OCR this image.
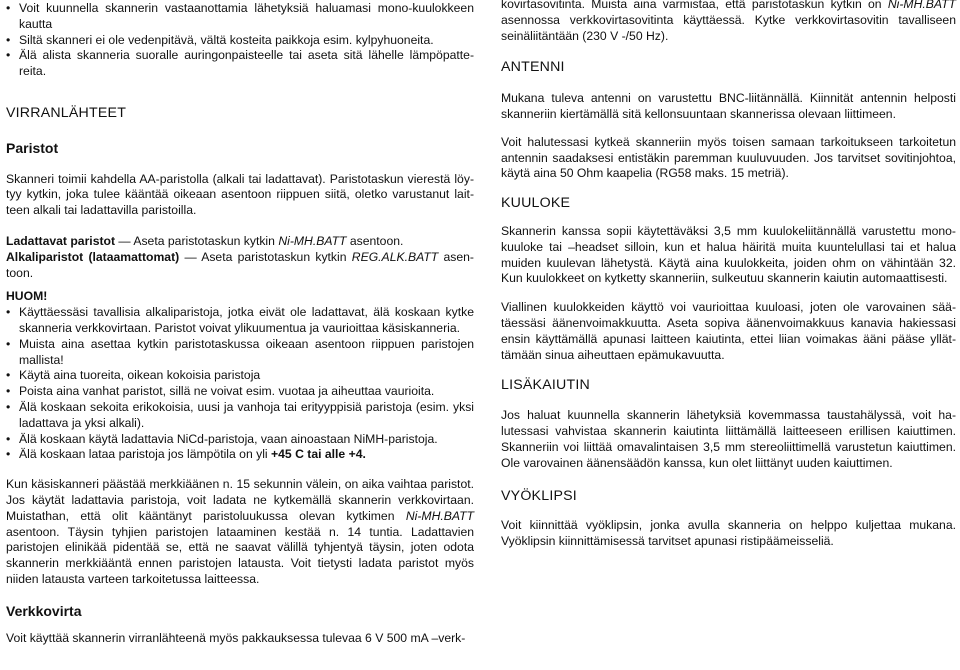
• Voit kuunnella skannerin vastaanottamia lähetyksiä haluamasi mono-kuulokkeen kautta
• Siltä skanneri ei ole vedenpitävä, vältä kosteita paikkoja esim. kylpyhuoneita.
• Älä alista skanneria suoralle auringonpaisteelle tai aseta sitä lähelle lämpöpattereita.
VIRRANLÄHTEET
Paristot

Skanneri toimii kahdella AA-paristolla (alkali tai ladattavat). Paristotaskun vierestä löytyy kytkin, joka tulee kääntää oikeaan asentoon riippuen siitä, oletko varustanut laitteen alkali tai ladattavilla paristoilla.

Ladattavat paristot — Aseta paristotaskun kytkin Ni-MH.BATT asentoon.

Alkaliparistot (lataamattomat) — Aseta paristotaskun kytkin REG.ALK.BATT asentoon.

HUOM!

• Käyttäessäsi tavallisia alkaliparistoja, jotka eivät ole ladattavat, älä koskaan kytke skanneria verkkovirtaan. Paristot voivat ylikuumentua ja vaurioittaa käsiskanneria.
• Muista aina asettaa kytkin paristotaskussa oikeaan asentoon riippuen paristojen mallista!
• Käytä aina tuoreita, oikean kokoisia paristoja
• Poista aina vanhat paristot, sillä ne voivat esim. vuotaa ja aiheuttaa vaurioita.
• Älä koskaan sekoita erikokoisia, uusi ja vanhoja tai erityyppisiä paristoja (esim. yksi ladattava ja yksi alkali).
• Älä koskaan käytä ladattavia NiCd-paristoja, vaan ainoastaan NiMH-paristoja.
• Älä koskaan lataa paristoja jos lämpötila on yli +45 C tai alle +4.

Kun käsiskanneri päästää merkkiäänen n. 15 sekunnin välein, on aika vaihtaa paristot. Jos käytät ladattavia paristoja, voit ladata ne kytkemällä skannerin verkkovirtaan. Muistathan, että olit kääntänyt paristoluukussa olevan kytkimen Ni-MH.BATT asentoon. Täysin tyhjien paristojen lataaminen kestää n. 14 tuntia. Ladattavien paristojen elinikää pidentää se, että ne saavat välillä tyhjentyä täysin, joten odota skannerin merkkiääntä ennen paristojen latausta. Voit tietysti ladata paristot myös niiden latausta varteen tarkoitetussa laitteessa.

Verkkovirta

Voit käyttää skannerin virranlähteenä myös pakkauksessa tulevaa 6 V 500 mA –verk-

kovirtasovitinta. Muista aina varmistaa, että paristotaskun kytkin on Ni-MH.BATT asennossa verkkovirtasovitinta käyttäessä. Kytke verkkovirtasovitin tavalliseen seinäliitäntään (230 V -/50 Hz).

ANTENNI

Mukana tuleva antenni on varustettu BNC-liitännällä. Kiinnität antennin helposti skanneriin kiertämällä sitä kellonsuuntaan skannerissa olevaan liittimeen.

Voit halutessasi kytkeä skanneriin myös toisen samaan tarkoitukseen tarkoitetun antennin saadaksesi entistäkin paremman kuuluvuuden. Jos tarvitset sovitinjohtoa, käytä aina 50 Ohm kaapelia (RG58 maks. 15 metriä).

KUULOKE

Skannerin kanssa sopii käytettäväksi 3,5 mm kuulokeliitännällä varustettu mono-kuuloke tai –headset silloin, kun et halua häiritä muita kuuntelullasi tai et halua muiden kuulevan lähetystä. Käytä aina kuulokkeita, joiden ohm on vähintään 32. Kun kuulokkeet on kytketty skanneriin, sulkeutuu skannerin kaiutin automaattisesti.

Viallinen kuulokkeiden käyttö voi vaurioittaa kuuloasi, joten ole varovainen säätäessäsi äänenvoimakkuutta. Aseta sopiva äänenvoimakkuus kanavia hakiessasi ensin käyttämällä apunasi laitteen kaiutinta, ettei liian voimakas ääni pääse yllättämään sinua aiheuttaen epämukavuutta.

LISÄKAIUTIN

Jos haluat kuunnella skannerin lähetyksiä kovemmassa taustahälyssä, voit halutessasi vahvistaa skannerin kaiutinta liittämällä laitteeseen erillisen kaiuttimen. Skanneriin voi liittää omavalintaisen 3,5 mm stereoliittimellä varustetun kaiuttimen. Ole varovainen äänensäädön kanssa, kun olet liittänyt uuden kaiuttimen.

VYÖKLIPSI

Voit kiinnittää vyöklipsin, jonka avulla skanneria on helppo kuljettaa mukana. Vyöklipsin kiinnittämisessä tarvitset apunasi ristipäämeisseliä.
